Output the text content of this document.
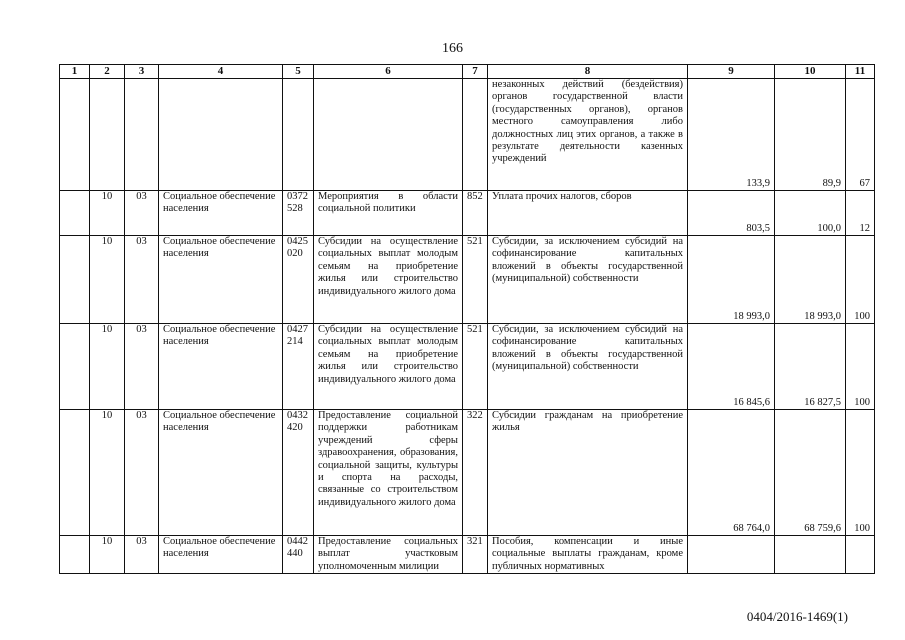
166
1	2	3	4	5	6	7	8	9	10	11
							незаконных действий (бездействия) органов государственной власти (государственных органов), органов местного самоуправления либо должностных лиц этих органов, а также в результате деятельности казенных учреждений	133,9	89,9	67
	10	03	Социальное обеспечение населения	0372 528	Мероприятия в области социальной политики	852	Уплата прочих налогов, сборов	803,5	100,0	12
	10	03	Социальное обеспечение населения	0425 020	Субсидии на осуществление социальных выплат молодым семьям на приобретение жилья или строительство индивидуального жилого дома	521	Субсидии, за исключением субсидий на софинансирование капитальных вложений в объекты государственной (муниципальной) собственности	18 993,0	18 993,0	100
	10	03	Социальное обеспечение населения	0427 214	Субсидии на осуществление социальных выплат молодым семьям на приобретение жилья или строительство индивидуального жилого дома	521	Субсидии, за исключением субсидий на софинансирование капитальных вложений в объекты государственной (муниципальной) собственности	16 845,6	16 827,5	100
	10	03	Социальное обеспечение населения	0432 420	Предоставление социальной поддержки работникам учреждений сферы здравоохранения, образования, социальной защиты, культуры и спорта на расходы, связанные со строительством индивидуального жилого дома	322	Субсидии гражданам на приобретение жилья	68 764,0	68 759,6	100
	10	03	Социальное обеспечение населения	0442 440	Предоставление социальных выплат участковым уполномоченным милиции	321	Пособия, компенсации и иные социальные выплаты гражданам, кроме публичных нормативных			
0404/2016-1469(1)
